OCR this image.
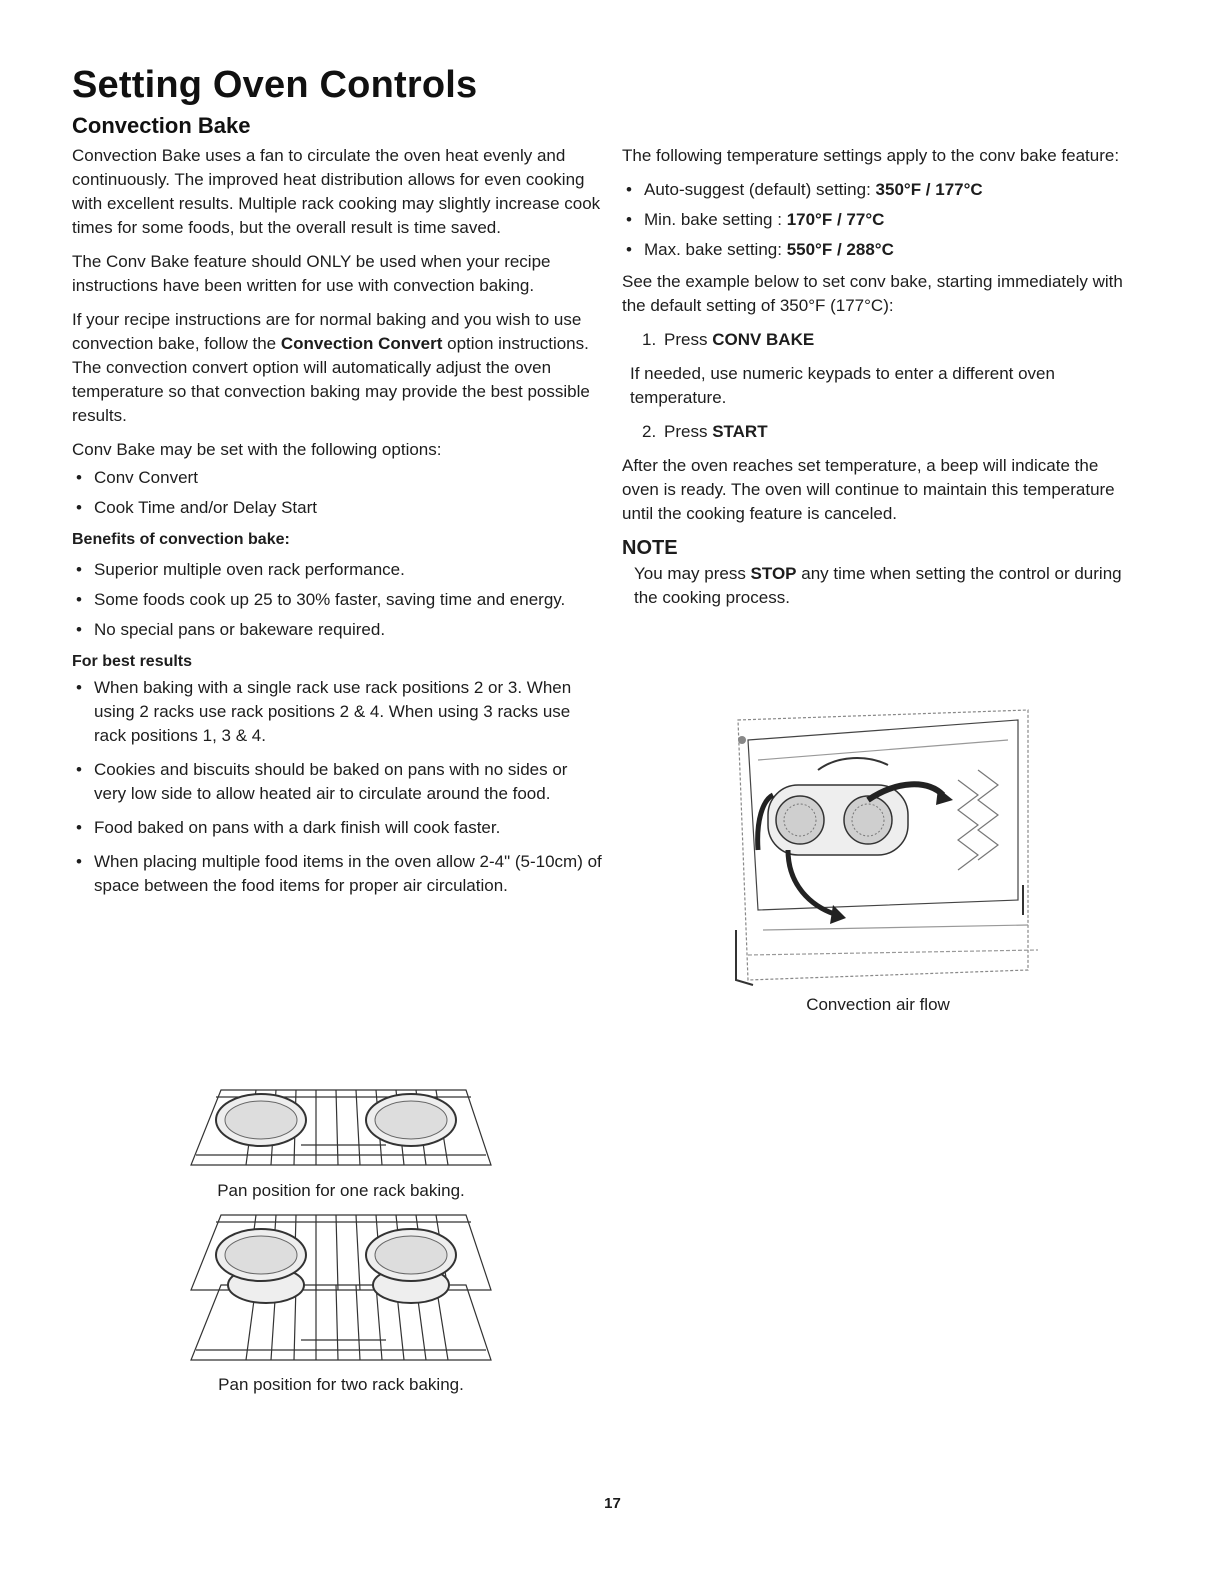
Setting Oven Controls
Convection Bake

Convection Bake uses a fan to circulate the oven heat evenly and continuously. The improved heat distribution allows for even cooking with excellent results. Multiple rack cooking may slightly increase cook times for some foods, but the overall result is time saved.

The Conv Bake feature should ONLY be used when your recipe instructions have been written for use with convection baking.

If your recipe instructions are for normal baking and you wish to use convection bake, follow the Convection Convert option instructions. The convection convert option will automatically adjust the oven temperature so that convection baking may provide the best possible results.

Conv Bake may be set with the following options:

• Conv Convert
• Cook Time and/or Delay Start
Benefits of convection bake:
• Superior multiple oven rack performance.
• Some foods cook up 25 to 30% faster, saving time and energy.
• No special pans or bakeware required.
For best results
• When baking with a single rack use rack positions 2 or 3. When using 2 racks use rack positions 2 & 4. When using 3 racks use rack positions 1, 3 & 4.
• Cookies and biscuits should be baked on pans with no sides or very low side to allow heated air to circulate around the food.
• Food baked on pans with a dark finish will cook faster.
• When placing multiple food items in the oven allow 2-4" (5-10cm) of space between the food items for proper air circulation.

The following temperature settings apply to the conv bake feature:

• Auto-suggest (default) setting: 350°F / 177°C
• Min. bake setting : 170°F / 77°C
• Max. bake setting: 550°F / 288°C

See the example below to set conv bake, starting immediately with the default setting of 350°F (177°C):

1. Press CONV BAKE

If needed, use numeric keypads to enter a different oven temperature.

2. Press START

After the oven reaches set temperature, a beep will indicate the oven is ready. The oven will continue to maintain this temperature until the cooking feature is canceled.

NOTE

You may press STOP any time when setting the control or during the cooking process.

Convection air flow
Pan position for one rack baking.
Pan position for two rack baking.
17
